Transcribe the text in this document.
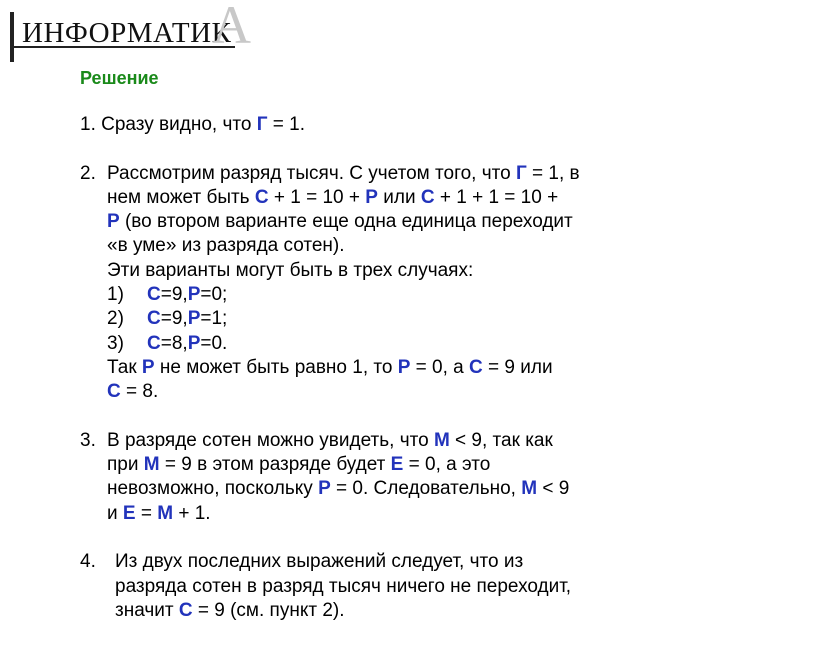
ИНФОРМАТИК
А
Решение
1. Сразу видно, что Г = 1.
2. Рассмотрим разряд тысяч. С учетом того, что Г = 1, в
нем может быть С + 1 = 10 + Р или С + 1 + 1 = 10 +
Р (во втором варианте еще одна единица переходит
«в уме» из разряда сотен).
Эти варианты могут быть в трех случаях:
1) С=9,Р=0;
2) С=9,Р=1;
3) С=8,Р=0.
Так Р не может быть равно 1, то Р = 0, а С = 9 или
С = 8.
3. В разряде сотен можно увидеть, что М < 9, так как
при М = 9 в этом разряде будет Е = 0, а это
невозможно, поскольку Р = 0. Следовательно, М < 9
и Е = М + 1.
4. Из двух последних выражений следует, что из
разряда сотен в разряд тысяч ничего не переходит,
значит С = 9 (см. пункт 2).
